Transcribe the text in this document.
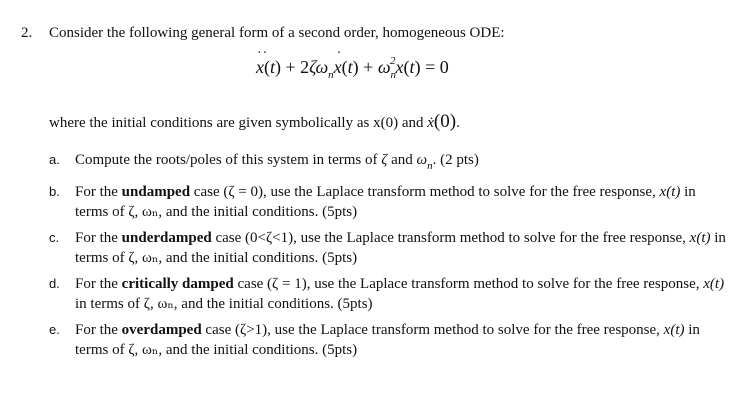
2. Consider the following general form of a second order, homogeneous ODE:
··
$x(t) + 2\zeta\omega_n$
·
$x(t) + \omega_n^2x(t) = 0$
where the initial conditions are given symbolically as x(0) and ẋ(0).
a.	Compute the roots/poles of this system in terms of ζ and $\omega_n$. (2 pts)
b.	For the undamped case (ζ = 0), use the Laplace transform method to solve for the free response, x(t) in terms of ζ, ωₙ, and the initial conditions. (5pts)
c.	For the underdamped case (0<ζ<1), use the Laplace transform method to solve for the free response, x(t) in terms of ζ, ωₙ, and the initial conditions. (5pts)
d.	For the critically damped case (ζ = 1), use the Laplace transform method to solve for the free response, x(t) in terms of ζ, ωₙ, and the initial conditions. (5pts)
e.	For the overdamped case (ζ>1), use the Laplace transform method to solve for the free response, x(t) in terms of ζ, ωₙ, and the initial conditions. (5pts)
